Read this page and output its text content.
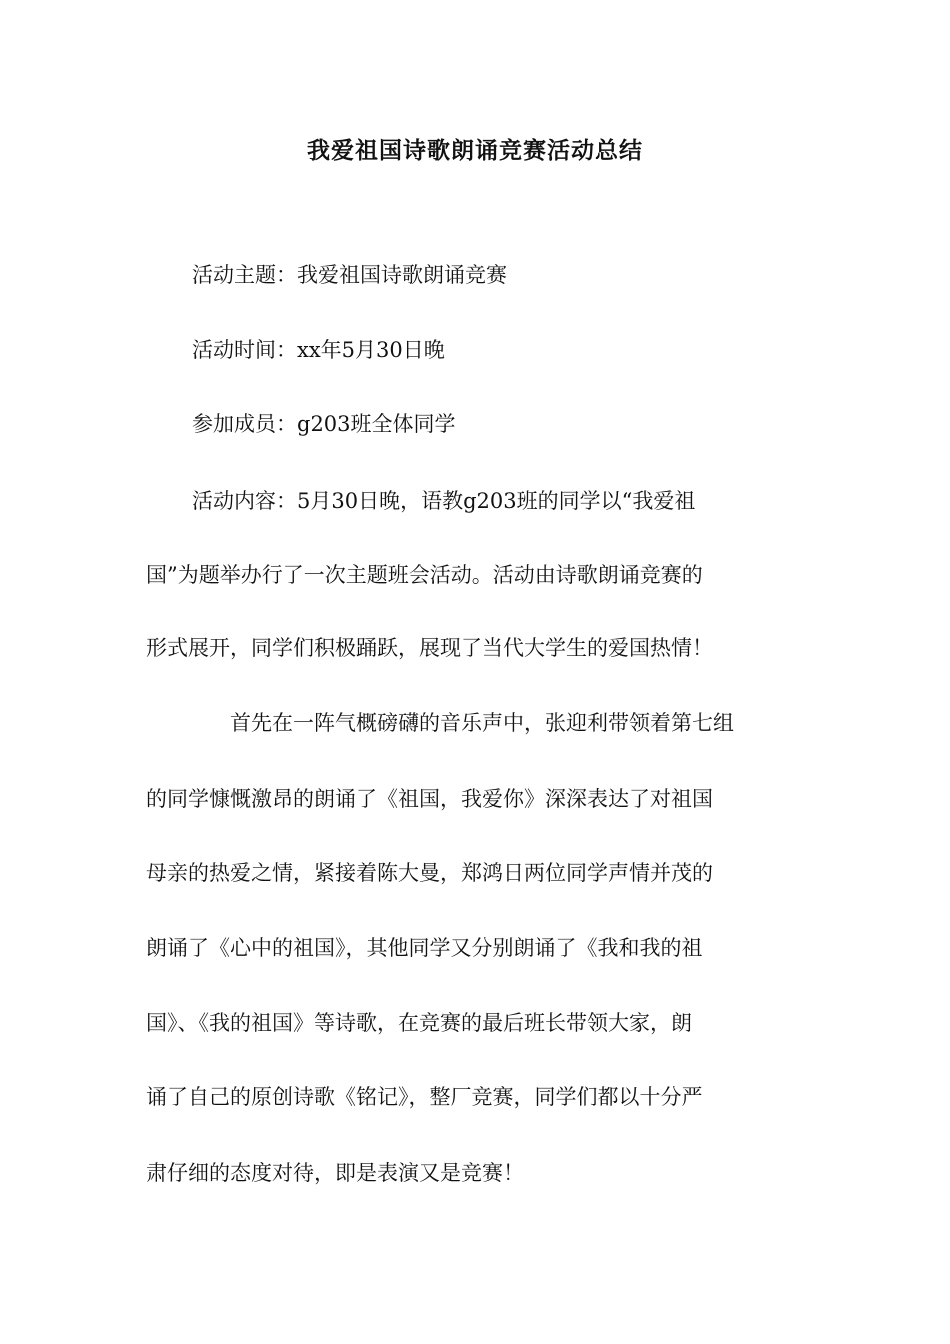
我爱祖国诗歌朗诵竞赛活动总结
活动主题：我爱祖国诗歌朗诵竞赛
活动时间：xx年5月30日晚
参加成员：g203班全体同学
活动内容：5月30日晚，语教g203班的同学以“我爱祖
国”为题举办行了一次主题班会活动。活动由诗歌朗诵竞赛的
形式展开，同学们积极踊跃，展现了当代大学生的爱国热情！
首先在一阵气概磅礴的音乐声中，张迎利带领着第七组
的同学慷慨激昂的朗诵了《祖国，我爱你》深深表达了对祖国
母亲的热爱之情，紧接着陈大曼，郑鸿日两位同学声情并茂的
朗诵了《心中的祖国》，其他同学又分别朗诵了《我和我的祖
国》、《我的祖国》等诗歌，在竞赛的最后班长带领大家，朗
诵了自己的原创诗歌《铭记》，整厂竞赛，同学们都以十分严
肃仔细的态度对待，即是表演又是竞赛！
